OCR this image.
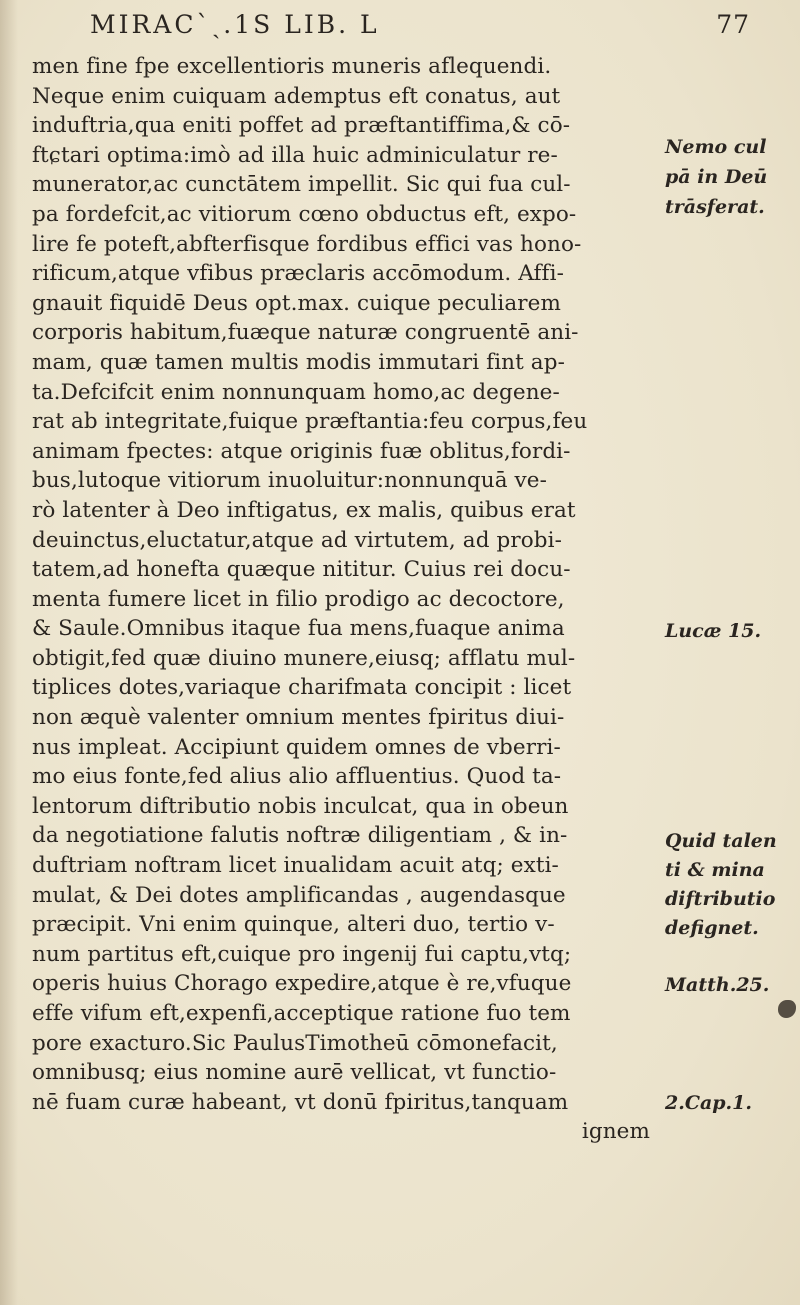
MIRACˋˎ.1S LIB. L	77
men fine fpe excellentioris muneris aflequendi.
Neque enim cuiquam ademptus eft conatus, aut
induftria,qua eniti poffet ad præftantiffima,& cō-
ftɕtari optima:imò ad illa huic adminiculatur re-
munerator,ac cunctātem impellit. Sic qui fua cul-
pa fordefcit,ac vitiorum cœno obductus eft, expo-
lire fe poteft,abfterfisque fordibus effici vas hono-
rificum,atque vfibus præclaris accōmodum. Affi-
gnauit fiquidē Deus opt.max. cuique peculiarem
corporis habitum,fuæque naturæ congruentē ani-
mam, quæ tamen multis modis immutari fint ap-
ta.Defcifcit enim nonnunquam homo,ac degene-
rat ab integritate,fuique præftantia:feu corpus,feu
animam fpectes: atque originis fuæ oblitus,fordi-
bus,lutoque vitiorum inuoluitur:nonnunquā ve-
rò latenter à Deo inftigatus, ex malis, quibus erat
deuinctus,eluctatur,atque ad virtutem, ad probi-
tatem,ad honefta quæque nititur. Cuius rei docu-
menta fumere licet in filio prodigo ac decoctore,
& Saule.Omnibus itaque fua mens,fuaque anima
obtigit,fed quæ diuino munere,eiusq; afflatu mul-
tiplices dotes,variaque charifmata concipit : licet
non æquè valenter omnium mentes fpiritus diui-
nus impleat. Accipiunt quidem omnes de vberri-
mo eius fonte,fed alius alio affluentius. Quod ta-
lentorum diftributio nobis inculcat, qua in obeun
da negotiatione falutis noftræ diligentiam , & in-
duftriam noftram licet inualidam acuit atq; exti-
mulat, & Dei dotes amplificandas , augendasque
præcipit. Vni enim quinque, alteri duo, tertio v-
num partitus eft,cuique pro ingenij fui captu,vtq;
operis huius Chorago expedire,atque è re,vfuque
effe vifum eft,expenfi,acceptique ratione fuo tem
pore exacturo.Sic PaulusTimotheū cōmonefacit,
omnibusq; eius nomine aurē vellicat, vt functio-
nē fuam curæ habeant, vt donū fpiritus,tanquam
ignem
Nemo cul
pā in Deū
trāsferat.
Lucæ 15.
Quid talen
ti & mina
diftributio
defignet.
Matth.25.
2.Cap.1.
